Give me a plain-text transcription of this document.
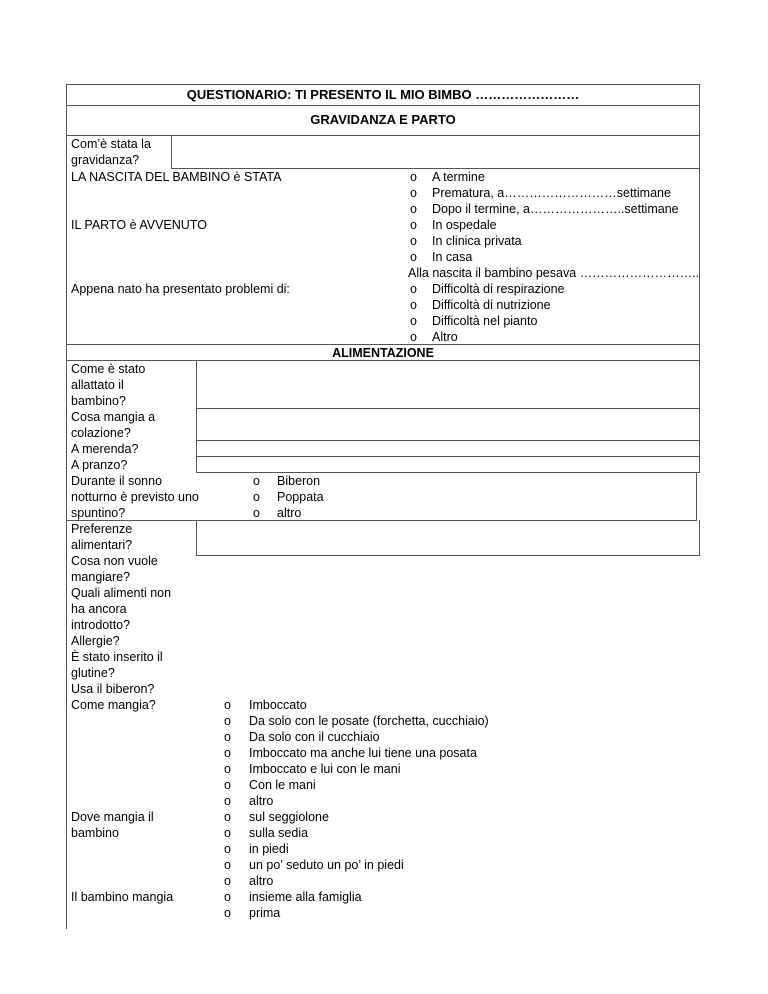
QUESTIONARIO: TI PRESENTO IL MIO BIMBO ……………………
GRAVIDANZA E PARTO
Com’è stata la
gravidanza?
LA NASCITA DEL BAMBINO è STATA	o A termine
o Prematura, a………………………settimane
o Dopo il termine, a…………………..settimane
IL PARTO è AVVENUTO	o In ospedale
o In clinica privata
o In casa
Alla nascita il bambino pesava ………………………..
Appena nato ha presentato problemi di:	o Difficoltà di respirazione
o Difficoltà di nutrizione
o Difficoltà nel pianto
o Altro
ALIMENTAZIONE
Come è stato
allattato il
bambino?
Cosa mangia a
colazione?
A merenda?
A pranzo?
Durante il sonno
notturno è previsto uno
spuntino?
o Biberon
o Poppata
o altro
Preferenze
alimentari?
Cosa non vuole
mangiare?
Quali alimenti non
ha ancora
introdotto?
Allergie?
È stato inserito il
glutine?
Usa il biberon?
Come mangia?	o Imboccato
o Da solo con le posate (forchetta, cucchiaio)
o Da solo con il cucchiaio
o Imboccato ma anche lui tiene una posata
o Imboccato e lui con le mani
o Con le mani
o altro
Dove mangia il
bambino
o sul seggiolone
o sulla sedia
o in piedi
o un po’ seduto un po’ in piedi
o altro
Il bambino mangia	o insieme alla famiglia
o prima
